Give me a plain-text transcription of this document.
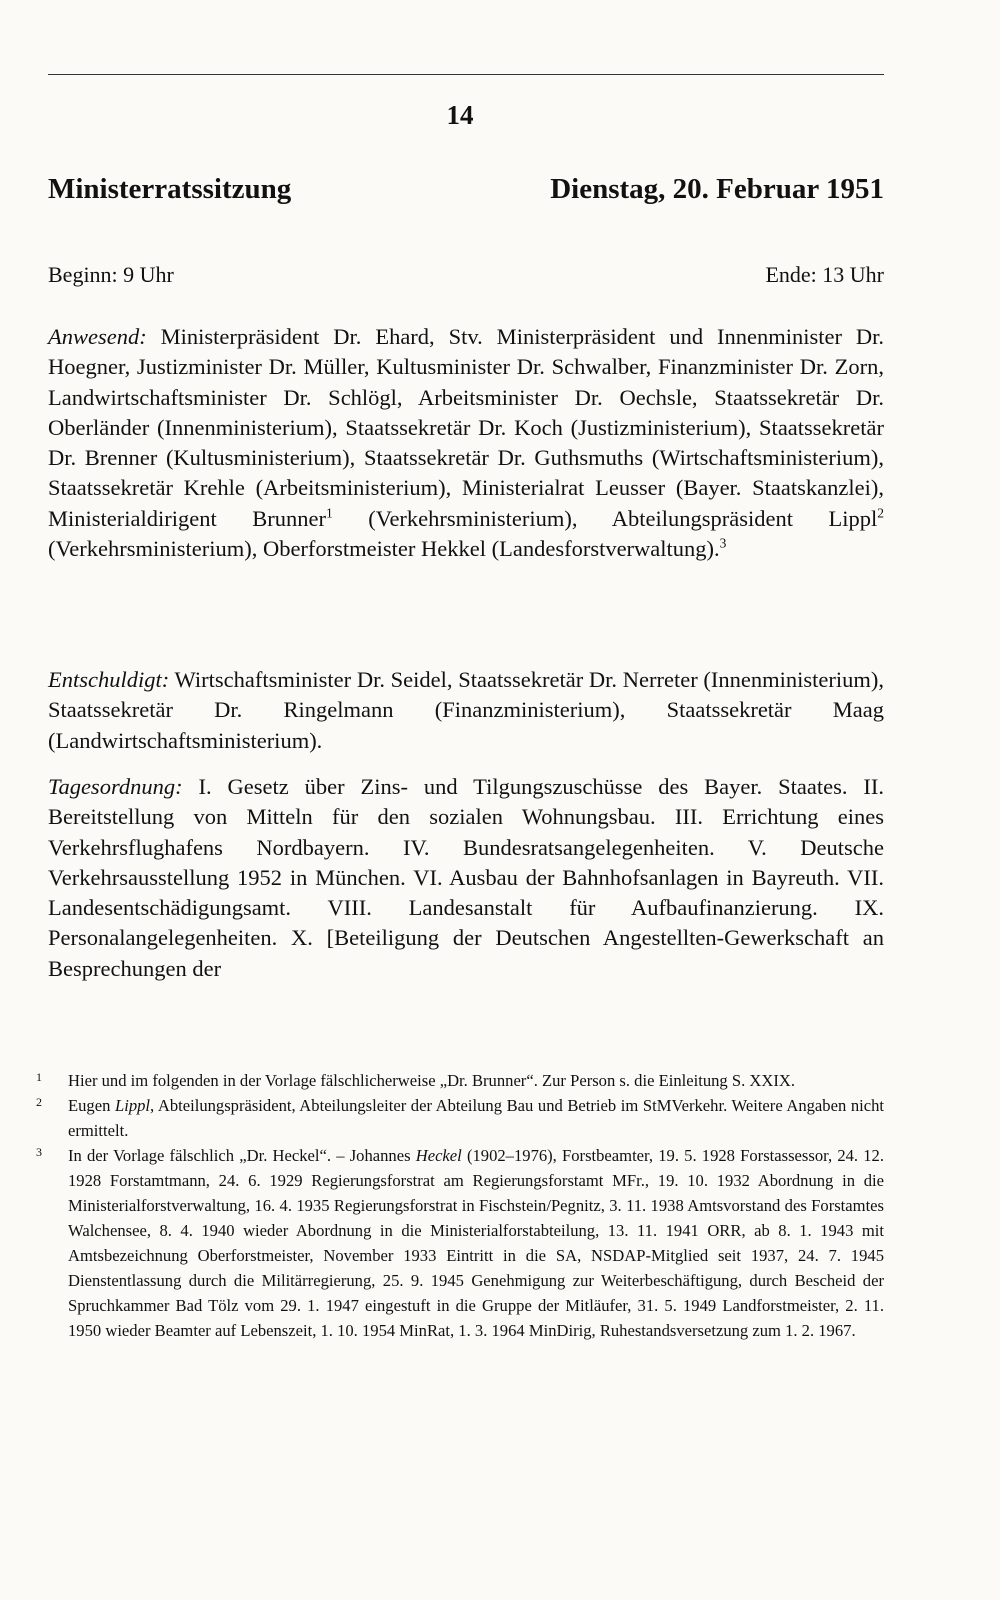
14
Ministerratssitzung	Dienstag, 20. Februar 1951
Beginn: 9 Uhr	Ende: 13 Uhr

Anwesend: Ministerpräsident Dr. Ehard, Stv. Ministerpräsident und Innenminister Dr. Hoegner, Justizminister Dr. Müller, Kultusminister Dr. Schwalber, Finanzminister Dr. Zorn, Landwirtschaftsminister Dr. Schlögl, Arbeitsminister Dr. Oechsle, Staatssekretär Dr. Oberländer (Innenministerium), Staatssekretär Dr. Koch (Justizministerium), Staatssekretär Dr. Brenner (Kultusministerium), Staatssekretär Dr. Guthsmuths (Wirtschaftsministerium), Staatssekretär Krehle (Arbeitsministerium), Ministerialrat Leusser (Bayer. Staatskanzlei), Ministerialdirigent Brunner$^1$ (Verkehrsministerium), Abteilungspräsident Lippl$^2$ (Verkehrsministerium), Oberforstmeister Hekkel (Landesforstverwaltung).$^3$

Entschuldigt: Wirtschaftsminister Dr. Seidel, Staatssekretär Dr. Nerreter (Innenministerium), Staatssekretär Dr. Ringelmann (Finanzministerium), Staatssekretär Maag (Landwirtschaftsministerium).

Tagesordnung: I. Gesetz über Zins- und Tilgungszuschüsse des Bayer. Staates. II. Bereitstellung von Mitteln für den sozialen Wohnungsbau. III. Errichtung eines Verkehrsflughafens Nordbayern. IV. Bundesratsangelegenheiten. V. Deutsche Verkehrsausstellung 1952 in München. VI. Ausbau der Bahnhofsanlagen in Bayreuth. VII. Landesentschädigungsamt. VIII. Landesanstalt für Aufbaufinanzierung. IX. Personalangelegenheiten. X. [Beteiligung der Deutschen Angestellten-Gewerkschaft an Besprechungen der

1	Hier und im folgenden in der Vorlage fälschlicherweise „Dr. Brunner“. Zur Person s. die Einleitung S. XXIX.
2	Eugen Lippl, Abteilungspräsident, Abteilungsleiter der Abteilung Bau und Betrieb im StMVerkehr. Weitere Angaben nicht ermittelt.
3	In der Vorlage fälschlich „Dr. Heckel“. – Johannes Heckel (1902–1976), Forstbeamter, 19. 5. 1928 Forstassessor, 24. 12. 1928 Forstamtmann, 24. 6. 1929 Regierungsforstrat am Regierungsforstamt MFr., 19. 10. 1932 Abordnung in die Ministerialforstverwaltung, 16. 4. 1935 Regierungsforstrat in Fischstein/Pegnitz, 3. 11. 1938 Amtsvorstand des Forstamtes Walchensee, 8. 4. 1940 wieder Abordnung in die Ministerialforstabteilung, 13. 11. 1941 ORR, ab 8. 1. 1943 mit Amtsbezeichnung Oberforstmeister, November 1933 Eintritt in die SA, NSDAP-Mitglied seit 1937, 24. 7. 1945 Dienstentlassung durch die Militärregierung, 25. 9. 1945 Genehmigung zur Weiterbeschäftigung, durch Bescheid der Spruchkammer Bad Tölz vom 29. 1. 1947 eingestuft in die Gruppe der Mitläufer, 31. 5. 1949 Landforstmeister, 2. 11. 1950 wieder Beamter auf Lebenszeit, 1. 10. 1954 MinRat, 1. 3. 1964 MinDirig, Ruhestandsversetzung zum 1. 2. 1967.
